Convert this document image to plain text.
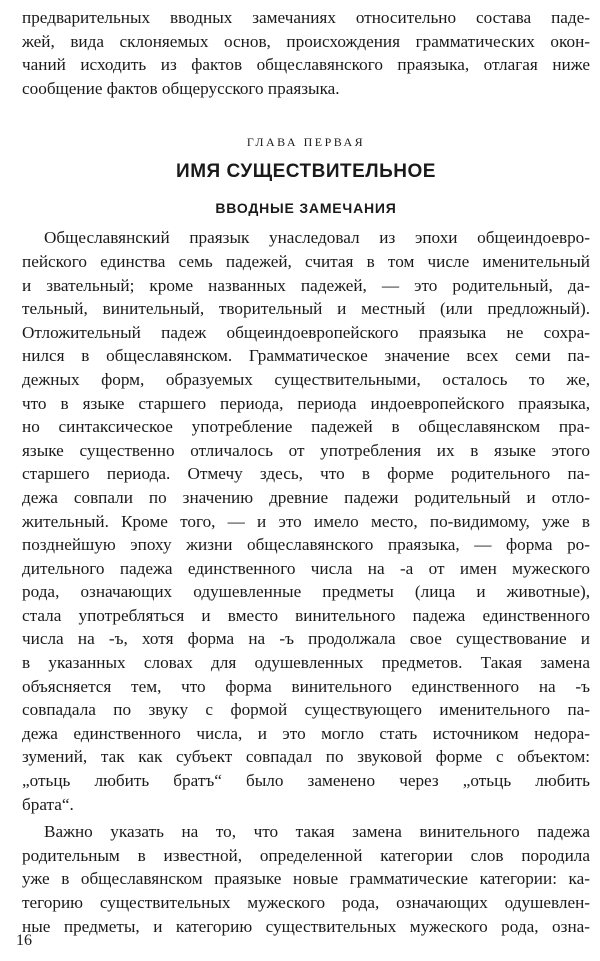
предварительных вводных замечаниях относительно состава паде-
жей, вида склоняемых основ, происхождения грамматических окон-
чаний исходить из фактов общеславянского праязыка, отлагая ниже
сообщение фактов общерусского праязыка.
ГЛАВА ПЕРВАЯ
ИМЯ СУЩЕСТВИТЕЛЬНОЕ
ВВОДНЫЕ ЗАМЕЧАНИЯ
Общеславянский праязык унаследовал из эпохи общеиндоевро-
пейского единства семь падежей, считая в том числе именительный
и звательный; кроме названных падежей, — это родительный, да-
тельный, винительный, творительный и местный (или предложный).
Отложительный падеж общеиндоевропейского праязыка не сохра-
нился в общеславянском. Грамматическое значение всех семи па-
дежных форм, образуемых существительными, осталось то же,
что в языке старшего периода, периода индоевропейского праязыка,
но синтаксическое употребление падежей в общеславянском пра-
языке существенно отличалось от употребления их в языке этого
старшего периода. Отмечу здесь, что в форме родительного па-
дежа совпали по значению древние падежи родительный и отло-
жительный. Кроме того, — и это имело место, по-видимому, уже в
позднейшую эпоху жизни общеславянского праязыка, — форма ро-
дительного падежа единственного числа на -а от имен мужеского
рода, означающих одушевленные предметы (лица и животные),
стала употребляться и вместо винительного падежа единственного
числа на -ъ, хотя форма на -ъ продолжала свое существование и
в указанных словах для одушевленных предметов. Такая замена
объясняется тем, что форма винительного единственного на -ъ
совпадала по звуку с формой существующего именительного па-
дежа единственного числа, и это могло стать источником недора-
зумений, так как субъект совпадал по звуковой форме с объектом:
„отьць любить братъ“ было заменено через „отьць любить
брата“.
Важно указать на то, что такая замена винительного падежа
родительным в известной, определенной категории слов породила
уже в общеславянском праязыке новые грамматические категории: ка-
тегорию существительных мужеского рода, означающих одушевлен-
ные предметы, и категорию существительных мужеского рода, озна-
16
